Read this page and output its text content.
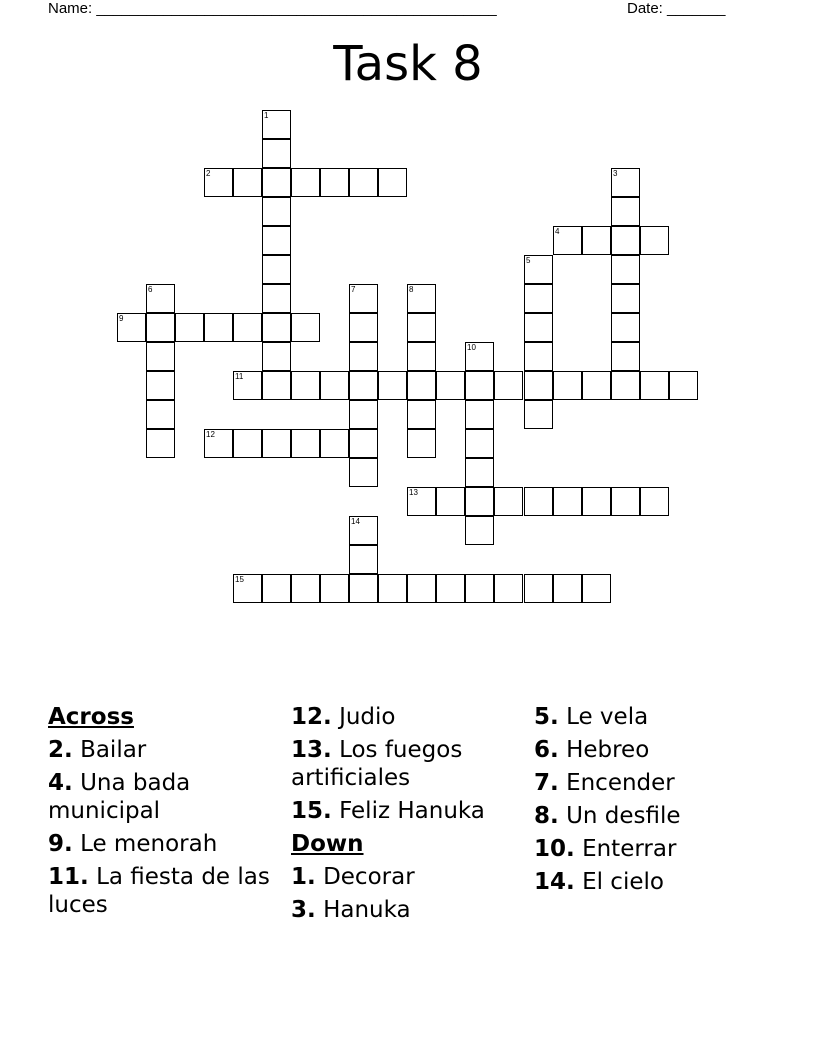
Name: ________________________________________________	Date: _______
Task 8
1
2	3
4
5
6
9
7	8
10
11
12
13
14
15
Across
2. Bailar
4. Una bada municipal
9. Le menorah
11. La fiesta de las luces
12. Judio
13. Los fuegos artificiales
15. Feliz Hanuka
Down
1. Decorar
3. Hanuka
5. Le vela
6. Hebreo
7. Encender
8. Un desfile
10. Enterrar
14. El cielo
